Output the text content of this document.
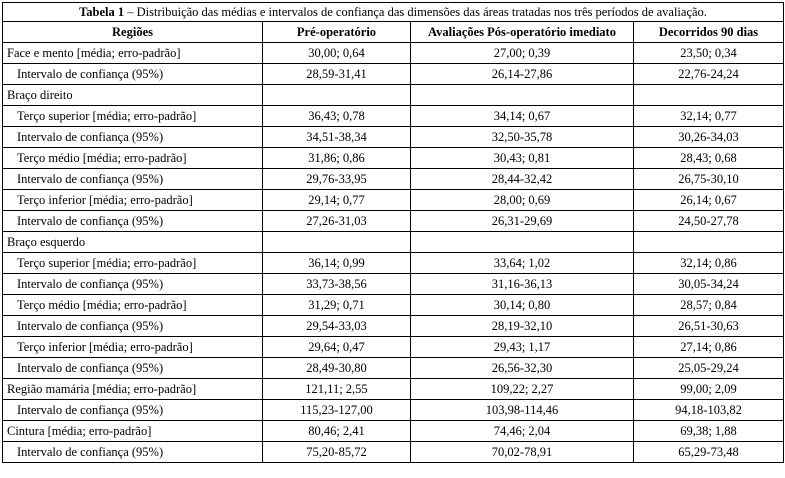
Tabela 1 – Distribuição das médias e intervalos de confiança das dimensões das áreas tratadas nos três períodos de avaliação.			
Regiões	Pré-operatório	Avaliações Pós-operatório imediato	Decorridos 90 dias
Face e mento [média; erro-padrão]	30,00; 0,64	27,00; 0,39	23,50; 0,34
Intervalo de confiança (95%)	28,59-31,41	26,14-27,86	22,76-24,24
Braço direito			
Terço superior [média; erro-padrão]	36,43; 0,78	34,14; 0,67	32,14; 0,77
Intervalo de confiança (95%)	34,51-38,34	32,50-35,78	30,26-34,03
Terço médio [média; erro-padrão]	31,86; 0,86	30,43; 0,81	28,43; 0,68
Intervalo de confiança (95%)	29,76-33,95	28,44-32,42	26,75-30,10
Terço inferior [média; erro-padrão]	29,14; 0,77	28,00; 0,69	26,14; 0,67
Intervalo de confiança (95%)	27,26-31,03	26,31-29,69	24,50-27,78
Braço esquerdo			
Terço superior [média; erro-padrão]	36,14; 0,99	33,64; 1,02	32,14; 0,86
Intervalo de confiança (95%)	33,73-38,56	31,16-36,13	30,05-34,24
Terço médio [média; erro-padrão]	31,29; 0,71	30,14; 0,80	28,57; 0,84
Intervalo de confiança (95%)	29,54-33,03	28,19-32,10	26,51-30,63
Terço inferior [média; erro-padrão]	29,64; 0,47	29,43; 1,17	27,14; 0,86
Intervalo de confiança (95%)	28,49-30,80	26,56-32,30	25,05-29,24
Região mamária [média; erro-padrão]	121,11; 2,55	109,22; 2,27	99,00; 2,09
Intervalo de confiança (95%)	115,23-127,00	103,98-114,46	94,18-103,82
Cintura [média; erro-padrão]	80,46; 2,41	74,46; 2,04	69,38; 1,88
Intervalo de confiança (95%)	75,20-85,72	70,02-78,91	65,29-73,48
